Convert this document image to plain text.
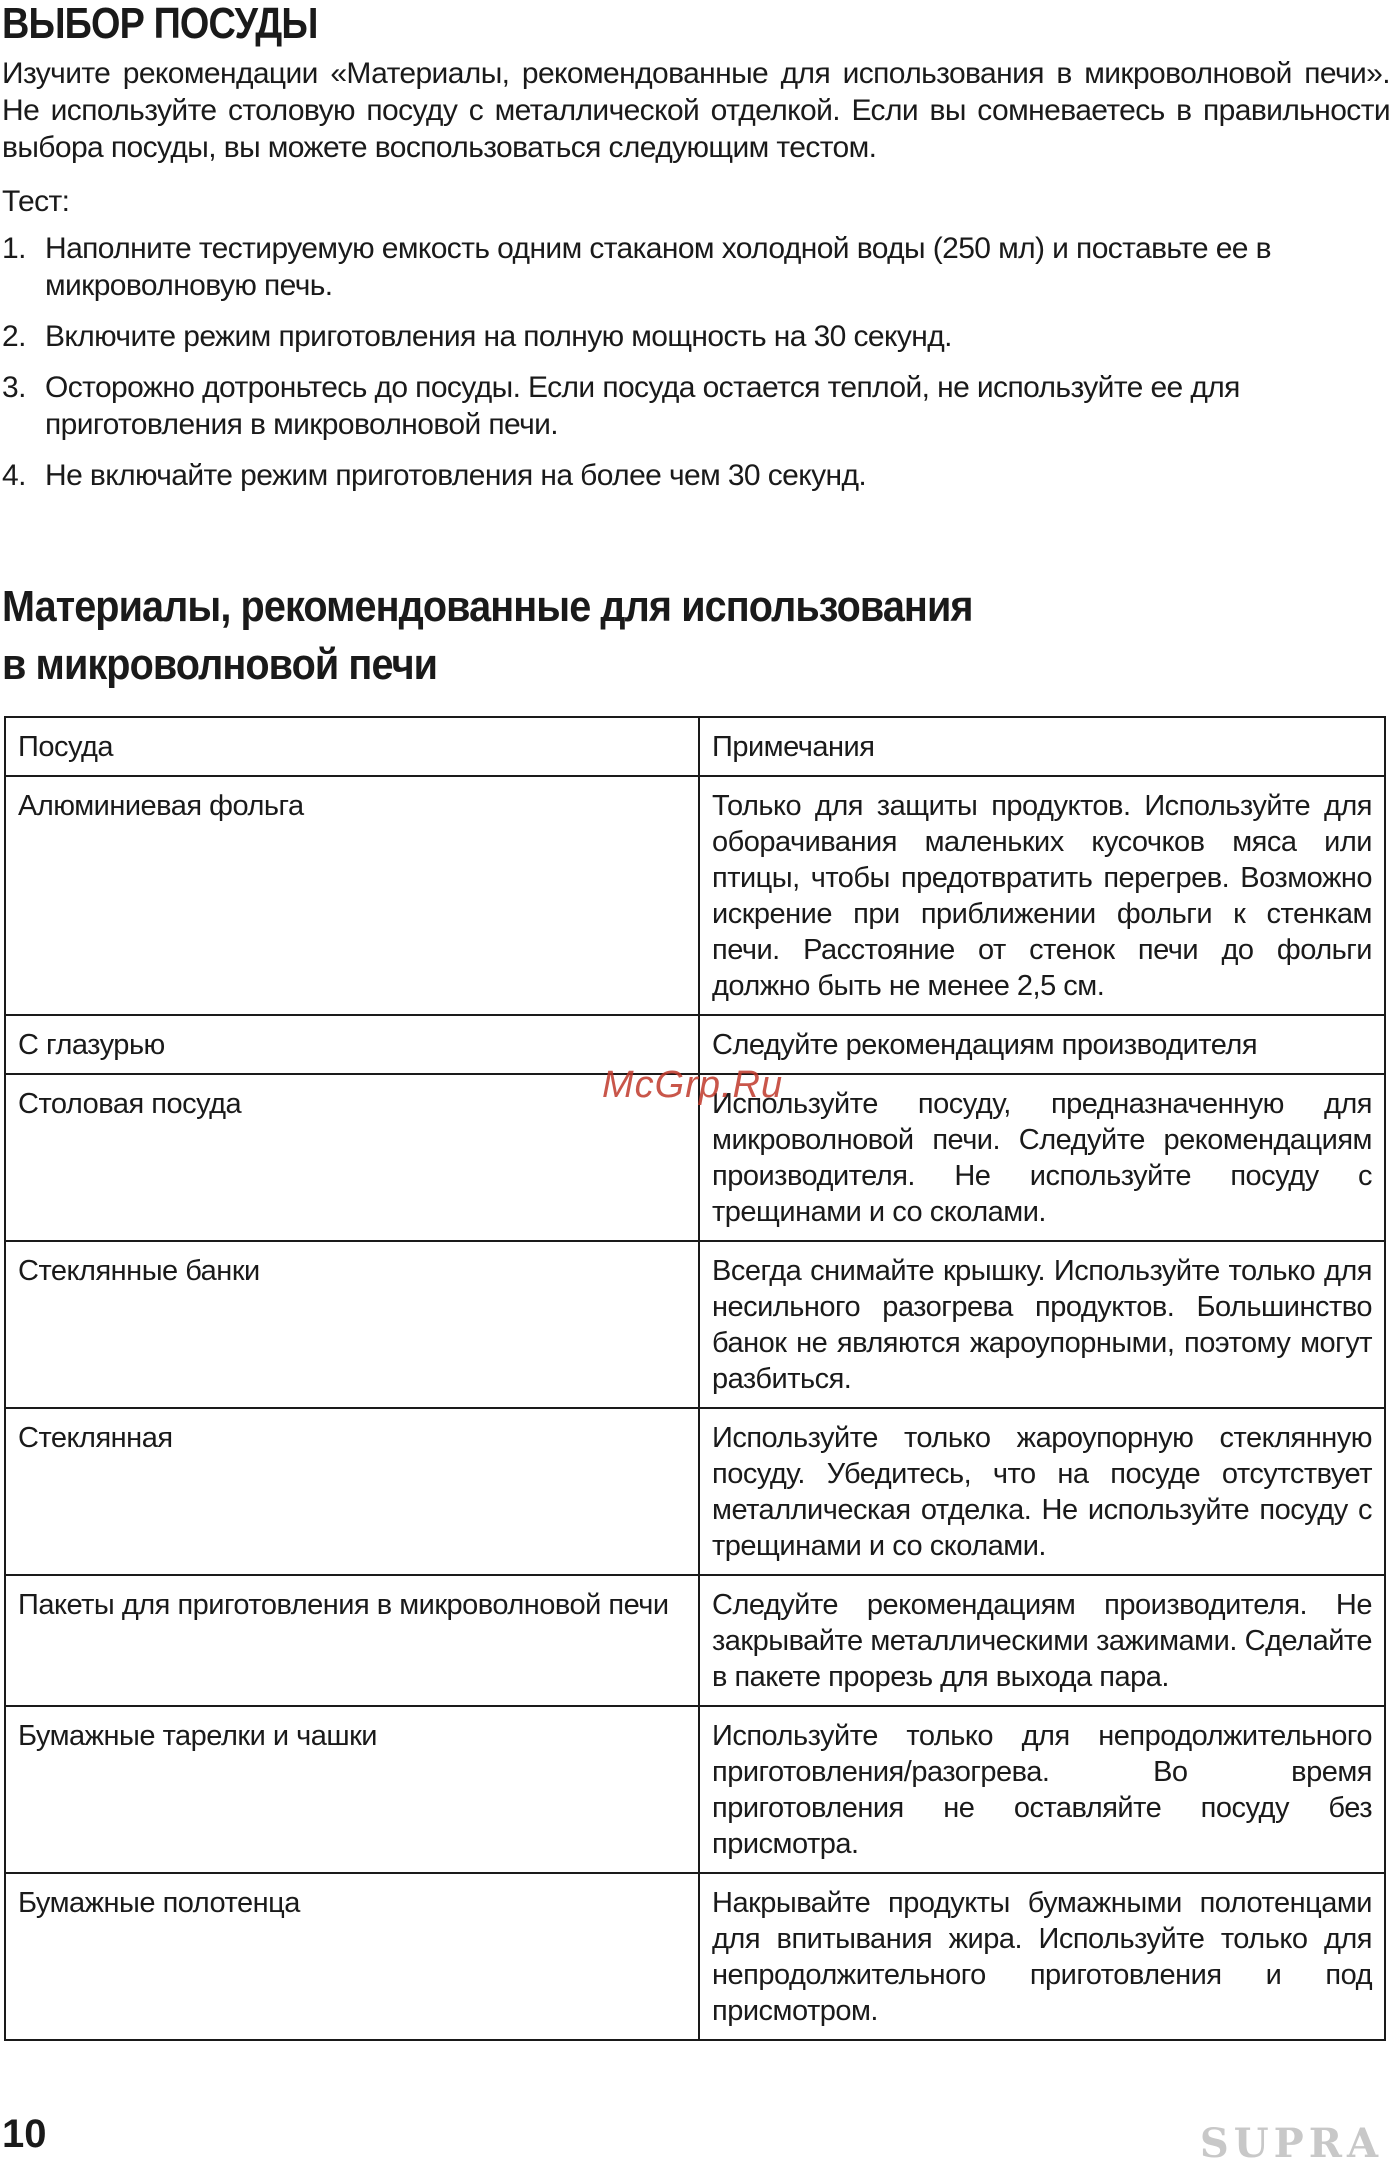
ВЫБОР ПОСУДЫ

Изучите рекомендации «Материалы, рекомендованные для использования в микроволновой печи». Не используйте столовую посуду с металлической отделкой. Если вы сомневаетесь в правильности выбора посуды, вы можете воспользоваться следующим тестом.

Тест:

1. Наполните тестируемую емкость одним стаканом холодной воды (250 мл) и поставьте ее в микроволновую печь.
2. Включите режим приготовления на полную мощность на 30 секунд.
3. Осторожно дотроньтесь до посуды. Если посуда остается теплой, не используйте ее для приготовления в микроволновой печи.
4. Не включайте режим приготовления на более чем 30 секунд.
Материалы, рекомендованные для использования
в микроволновой печи
Посуда	Примечания
Алюминиевая фольга	Только для защиты продуктов. Используйте для оборачивания маленьких кусочков мяса или птицы, чтобы предотвратить перегрев. Возможно искрение при приближении фольги к стенкам печи. Расстояние от стенок печи до фольги должно быть не менее 2,5 см.
С глазурью	Следуйте рекомендациям производителя
Столовая посуда	Используйте посуду, предназначенную для микроволновой печи. Следуйте рекомендациям производителя. Не используйте посуду с трещинами и со сколами.
Стеклянные банки	Всегда снимайте крышку. Используйте только для несильного разогрева продуктов. Большинство банок не являются жароупорными, поэтому могут разбиться.
Стеклянная	Используйте только жароупорную стеклянную посуду. Убедитесь, что на посуде отсутствует металлическая отделка. Не используйте посуду с трещинами и со сколами.
Пакеты для приготовления в микроволновой печи	Следуйте рекомендациям производителя. Не закрывайте металлическими зажимами. Сделайте в пакете прорезь для выхода пара.
Бумажные тарелки и чашки	Используйте только для непродолжительного приготовления/разогрева. Во время приготовления не оставляйте посуду без присмотра.
Бумажные полотенца	Накрывайте продукты бумажными полотенцами для впитывания жира. Используйте только для непродолжительного приготовления и под присмотром.
McGrp.Ru

10	SUPRA
